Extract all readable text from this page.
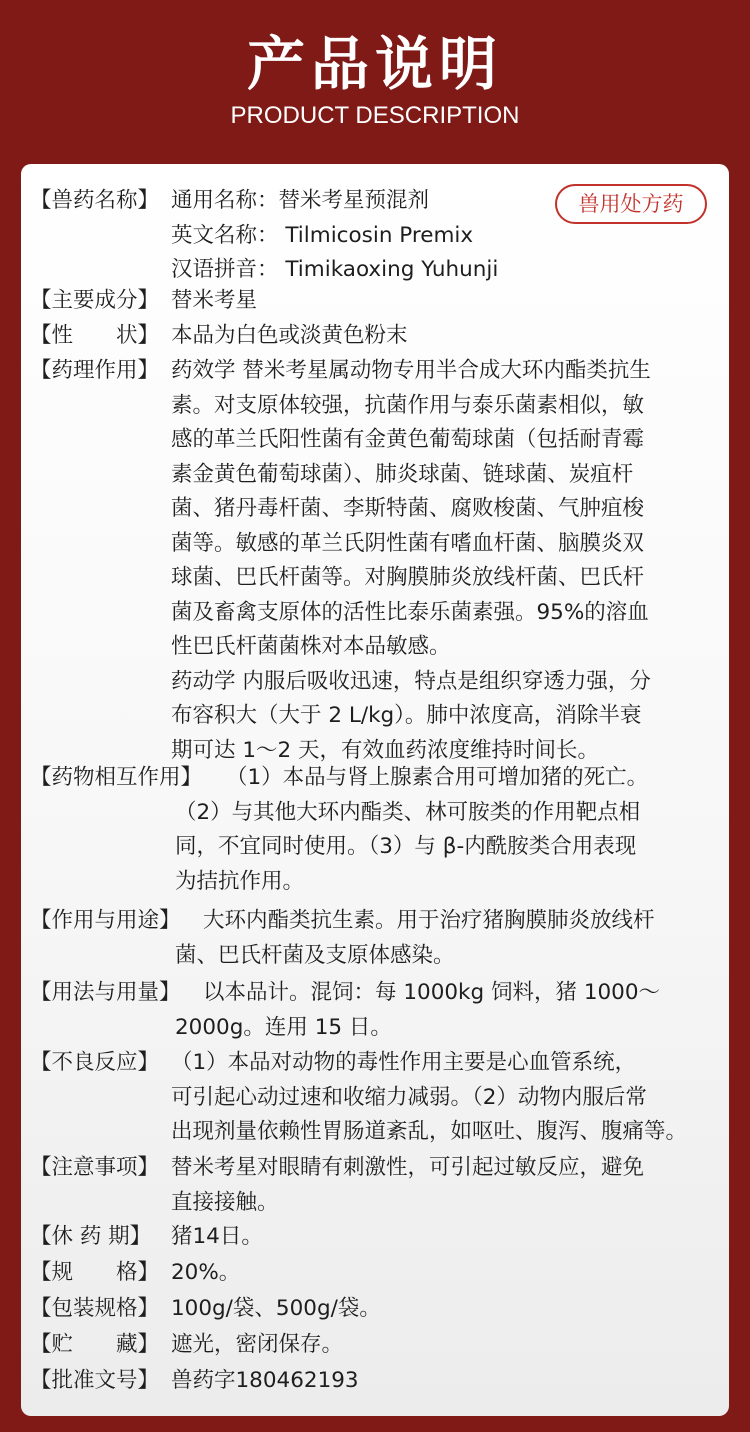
产品说明
PRODUCT DESCRIPTION
兽用处方药
【兽药名称】 通用名称：替米考星预混剂
英文名称： Tilmicosin Premix
汉语拼音： Timikaoxing Yuhunji
【主要成分】 替米考星
【性　　状】 本品为白色或淡黄色粉末
【药理作用】 药效学 替米考星属动物专用半合成大环内酯类抗生
素。对支原体较强，抗菌作用与泰乐菌素相似，敏
感的革兰氏阳性菌有金黄色葡萄球菌（包括耐青霉
素金黄色葡萄球菌）、肺炎球菌、链球菌、炭疽杆
菌、猪丹毒杆菌、李斯特菌、腐败梭菌、气肿疽梭
菌等。敏感的革兰氏阴性菌有嗜血杆菌、脑膜炎双
球菌、巴氏杆菌等。对胸膜肺炎放线杆菌、巴氏杆
菌及畜禽支原体的活性比泰乐菌素强。95%的溶血
性巴氏杆菌菌株对本品敏感。
药动学 内服后吸收迅速，特点是组织穿透力强，分
布容积大（大于 2 L/kg）。肺中浓度高，消除半衰
期可达 1～2 天，有效血药浓度维持时间长。
【药物相互作用】 （1）本品与肾上腺素合用可增加猪的死亡。
（2）与其他大环内酯类、林可胺类的作用靶点相
同，不宜同时使用。（3）与 β-内酰胺类合用表现
为拮抗作用。
【作用与用途】 大环内酯类抗生素。用于治疗猪胸膜肺炎放线杆
菌、巴氏杆菌及支原体感染。
【用法与用量】 以本品计。混饲：每 1000kg 饲料，猪 1000～
2000g。连用 15 日。
【不良反应】 （1）本品对动物的毒性作用主要是心血管系统，
可引起心动过速和收缩力减弱。（2）动物内服后常
出现剂量依赖性胃肠道紊乱，如呕吐、腹泻、腹痛等。
【注意事项】 替米考星对眼睛有刺激性，可引起过敏反应，避免
直接接触。
【休 药 期】 猪14日。
【规　　格】 20%。
【包装规格】 100g/袋、500g/袋。
【贮　　藏】 遮光，密闭保存。
【批准文号】 兽药字180462193
